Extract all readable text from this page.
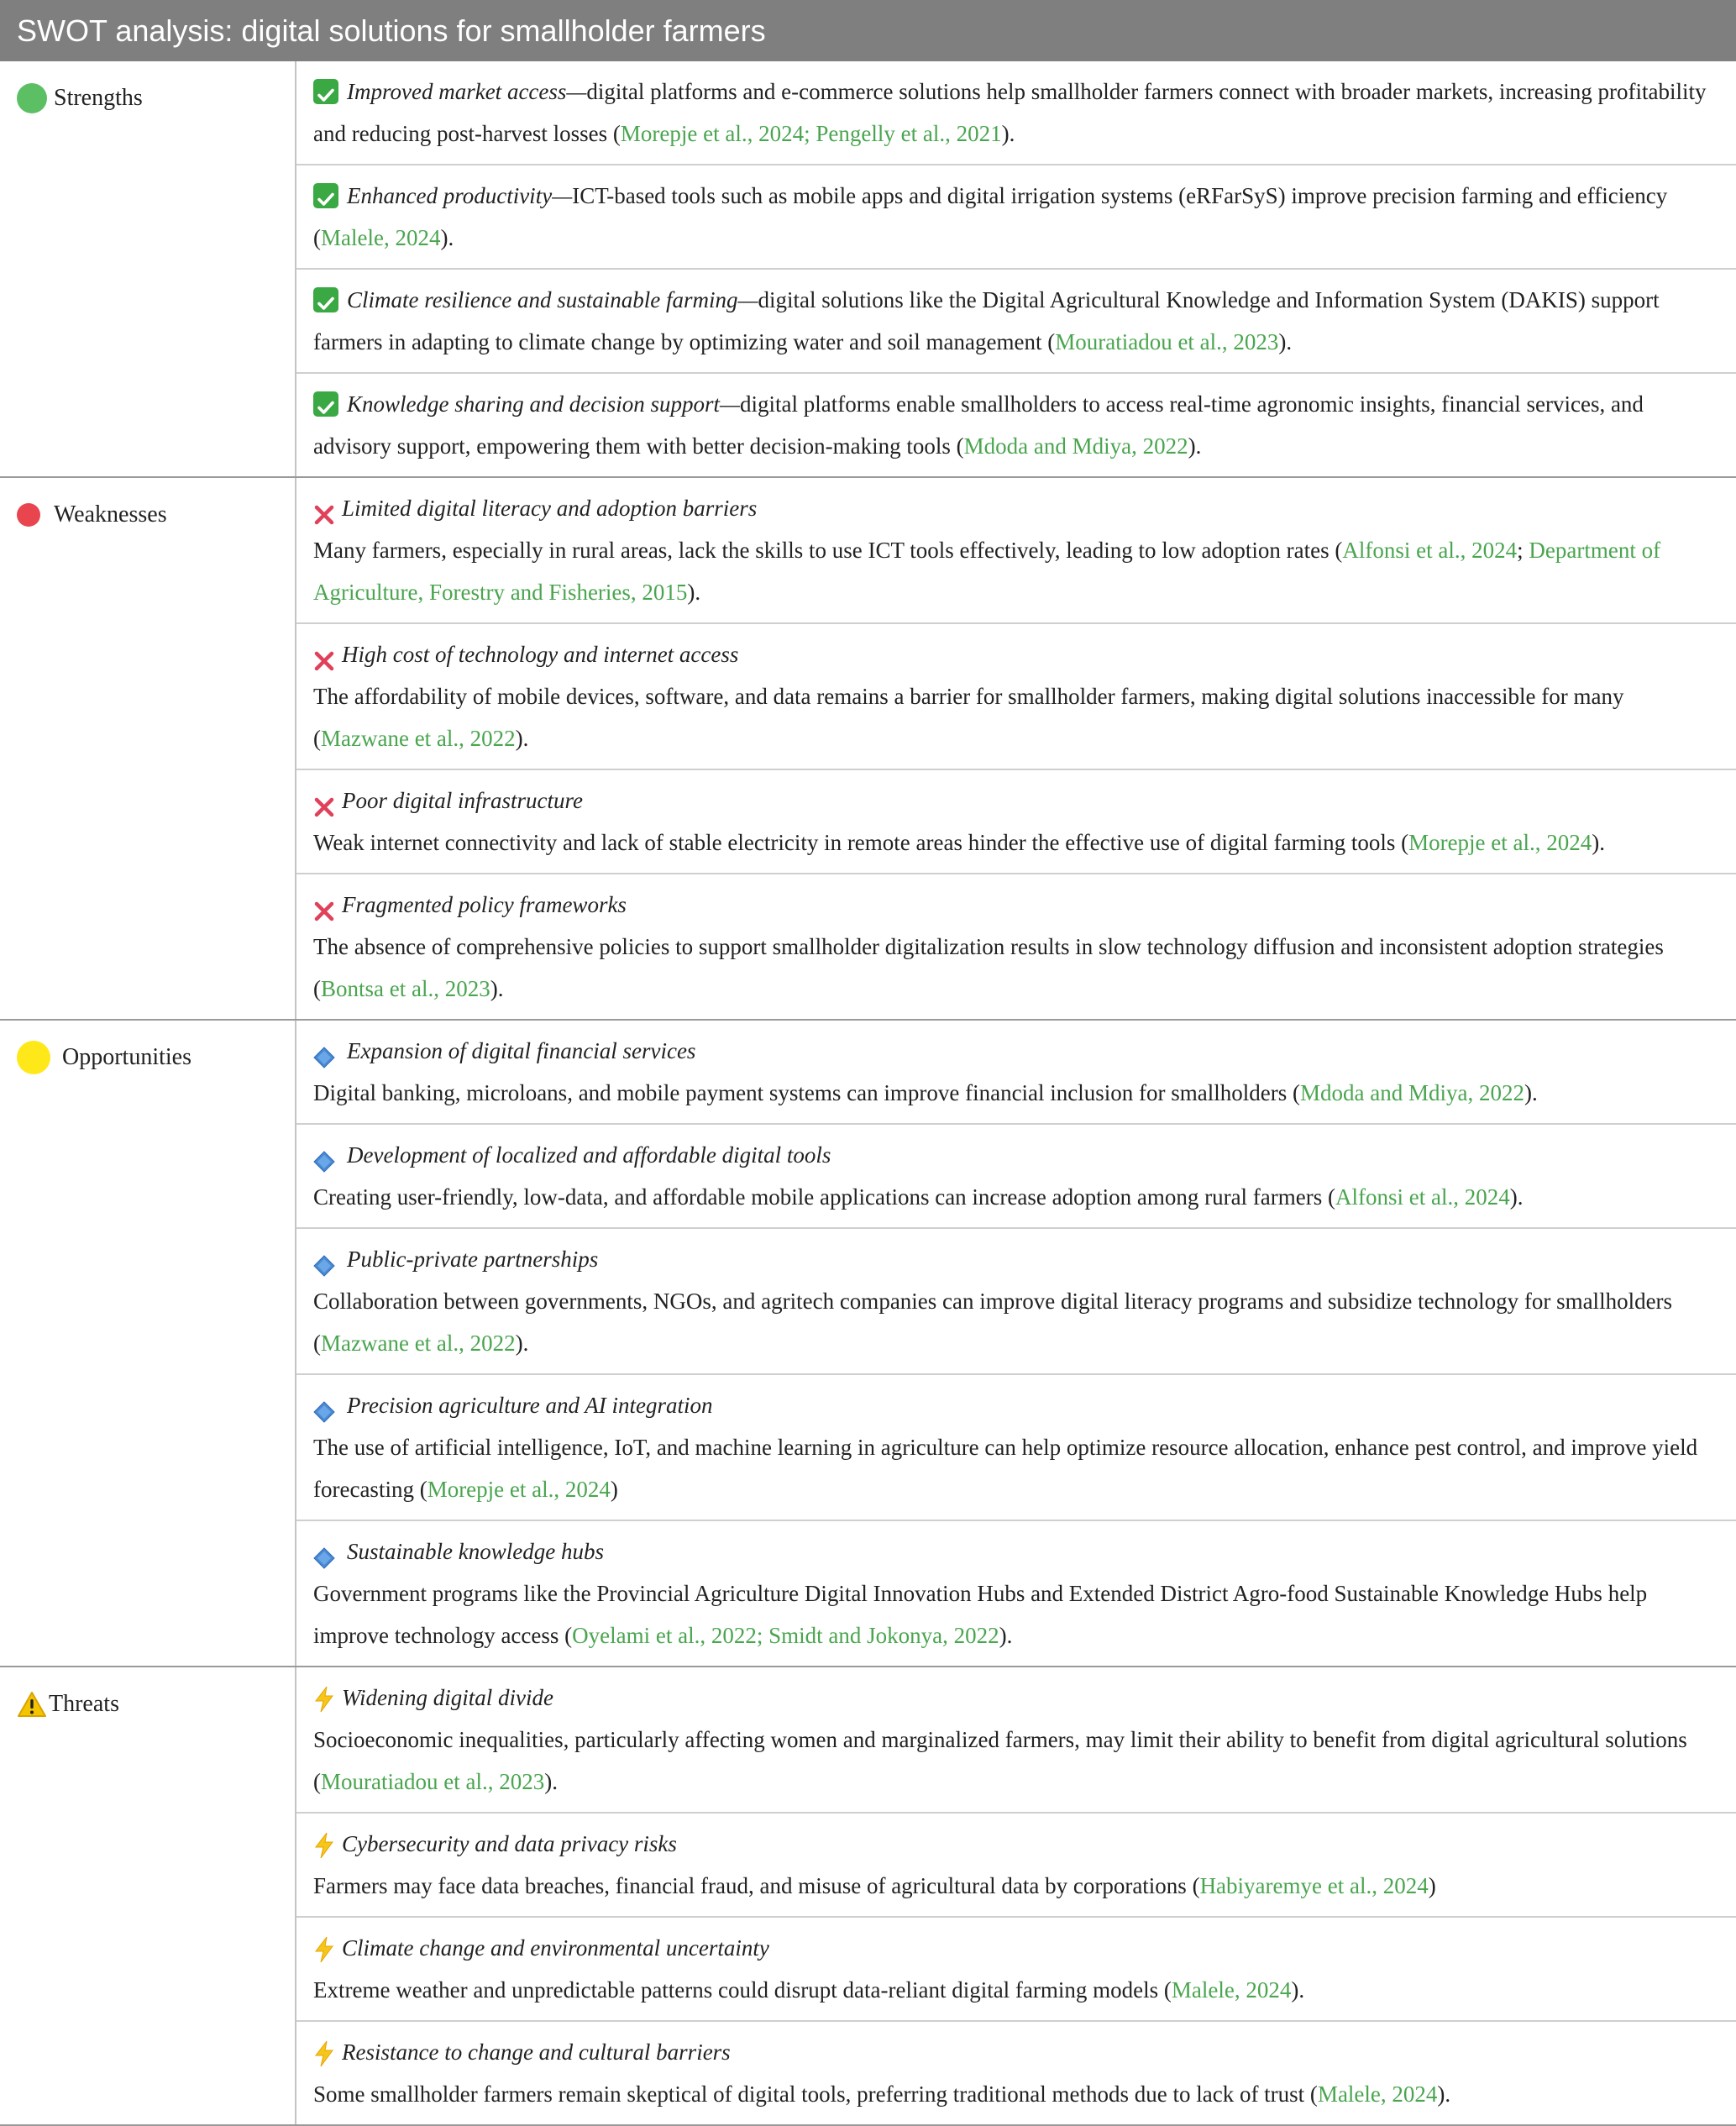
SWOT analysis: digital solutions for smallholder farmers
Strengths	Improved market access—digital platforms and e-commerce solutions help smallholder farmers connect with broader markets, increasing profitability and reducing post-harvest losses (Morepje et al., 2024; Pengelly et al., 2021).

	Enhanced productivity—ICT-based tools such as mobile apps and digital irrigation systems (eRFarSyS) improve precision farming and efficiency (Malele, 2024).

	Climate resilience and sustainable farming—digital solutions like the Digital Agricultural Knowledge and Information System (DAKIS) support farmers in adapting to climate change by optimizing water and soil management (Mouratiadou et al., 2023).

	Knowledge sharing and decision support—digital platforms enable smallholders to access real-time agronomic insights, financial services, and advisory support, empowering them with better decision-making tools (Mdoda and Mdiya, 2022).

Weaknesses	Limited digital literacy and adoption barriers
Many farmers, especially in rural areas, lack the skills to use ICT tools effectively, leading to low adoption rates (Alfonsi et al., 2024; Department of Agriculture, Forestry and Fisheries, 2015).

	High cost of technology and internet access
The affordability of mobile devices, software, and data remains a barrier for smallholder farmers, making digital solutions inaccessible for many (Mazwane et al., 2022).

	Poor digital infrastructure
Weak internet connectivity and lack of stable electricity in remote areas hinder the effective use of digital farming tools (Morepje et al., 2024).

	Fragmented policy frameworks
The absence of comprehensive policies to support smallholder digitalization results in slow technology diffusion and inconsistent adoption strategies (Bontsa et al., 2023).

Opportunities	Expansion of digital financial services
Digital banking, microloans, and mobile payment systems can improve financial inclusion for smallholders (Mdoda and Mdiya, 2022).

	Development of localized and affordable digital tools
Creating user-friendly, low-data, and affordable mobile applications can increase adoption among rural farmers (Alfonsi et al., 2024).

	Public-private partnerships
Collaboration between governments, NGOs, and agritech companies can improve digital literacy programs and subsidize technology for smallholders (Mazwane et al., 2022).

	Precision agriculture and AI integration
The use of artificial intelligence, IoT, and machine learning in agriculture can help optimize resource allocation, enhance pest control, and improve yield forecasting (Morepje et al., 2024)

	Sustainable knowledge hubs
Government programs like the Provincial Agriculture Digital Innovation Hubs and Extended District Agro-food Sustainable Knowledge Hubs help improve technology access (Oyelami et al., 2022; Smidt and Jokonya, 2022).

Threats	Widening digital divide
Socioeconomic inequalities, particularly affecting women and marginalized farmers, may limit their ability to benefit from digital agricultural solutions (Mouratiadou et al., 2023).

	Cybersecurity and data privacy risks
Farmers may face data breaches, financial fraud, and misuse of agricultural data by corporations (Habiyaremye et al., 2024)

	Climate change and environmental uncertainty
Extreme weather and unpredictable patterns could disrupt data-reliant digital farming models (Malele, 2024).

	Resistance to change and cultural barriers
Some smallholder farmers remain skeptical of digital tools, preferring traditional methods due to lack of trust (Malele, 2024).
